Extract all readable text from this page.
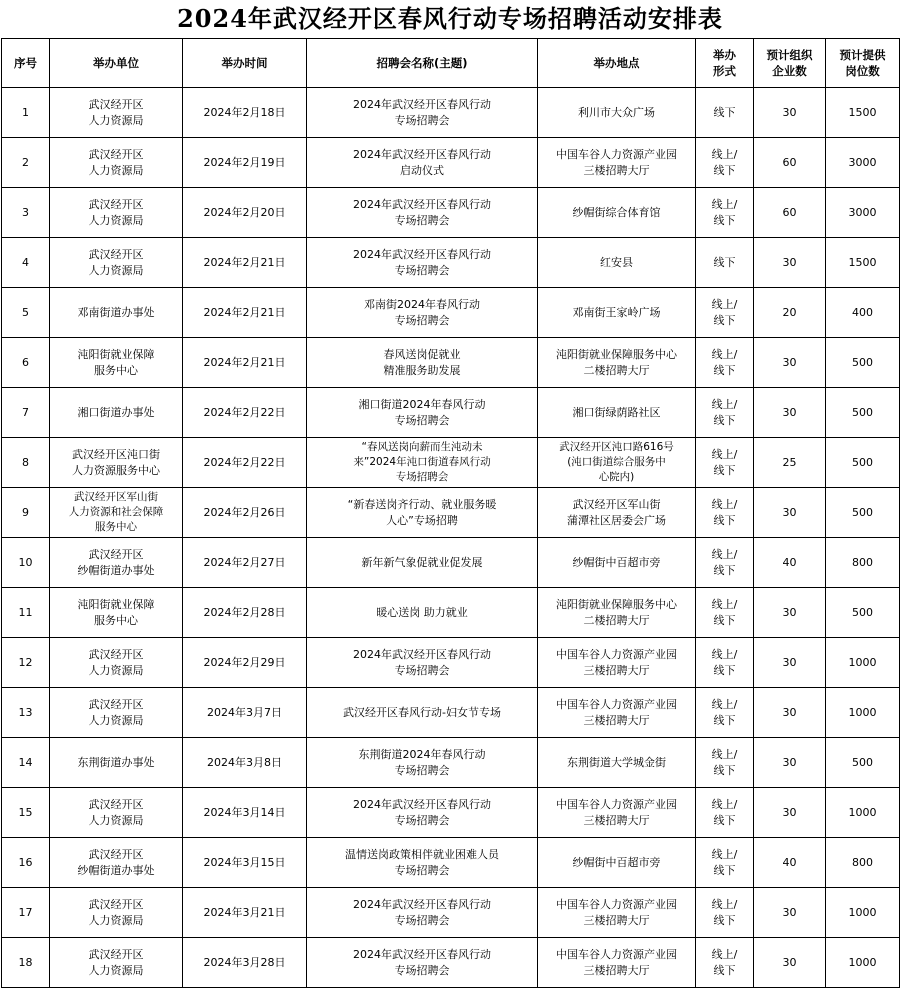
2024年武汉经开区春风行动专场招聘活动安排表
序号	举办单位	举办时间	招聘会名称(主题)	举办地点	举办
形式	预计组织
企业数	预计提供
岗位数
1	武汉经开区
人力资源局	2024年2月18日	2024年武汉经开区春风行动
专场招聘会	利川市大众广场	线下	30	1500
2	武汉经开区
人力资源局	2024年2月19日	2024年武汉经开区春风行动
启动仪式	中国车谷人力资源产业园
三楼招聘大厅	线上/
线下	60	3000
3	武汉经开区
人力资源局	2024年2月20日	2024年武汉经开区春风行动
专场招聘会	纱帽街综合体育馆	线上/
线下	60	3000
4	武汉经开区
人力资源局	2024年2月21日	2024年武汉经开区春风行动
专场招聘会	红安县	线下	30	1500
5	邓南街道办事处	2024年2月21日	邓南街2024年春风行动
专场招聘会	邓南街王家岭广场	线上/
线下	20	400
6	沌阳街就业保障
服务中心	2024年2月21日	春风送岗促就业
精准服务助发展	沌阳街就业保障服务中心
二楼招聘大厅	线上/
线下	30	500
7	湘口街道办事处	2024年2月22日	湘口街道2024年春风行动
专场招聘会	湘口街绿荫路社区	线上/
线下	30	500
8	武汉经开区沌口街
人力资源服务中心	2024年2月22日	“春风送岗向薪而生沌动未
来”2024年沌口街道春风行动
专场招聘会	武汉经开区沌口路616号
(沌口街道综合服务中
心院内)	线上/
线下	25	500
9	武汉经开区军山街
人力资源和社会保障
服务中心	2024年2月26日	“新春送岗齐行动、就业服务暖
人心”专场招聘	武汉经开区军山街
蒲潭社区居委会广场	线上/
线下	30	500
10	武汉经开区
纱帽街道办事处	2024年2月27日	新年新气象促就业促发展	纱帽街中百超市旁	线上/
线下	40	800
11	沌阳街就业保障
服务中心	2024年2月28日	暖心送岗 助力就业	沌阳街就业保障服务中心
二楼招聘大厅	线上/
线下	30	500
12	武汉经开区
人力资源局	2024年2月29日	2024年武汉经开区春风行动
专场招聘会	中国车谷人力资源产业园
三楼招聘大厅	线上/
线下	30	1000
13	武汉经开区
人力资源局	2024年3月7日	武汉经开区春风行动-妇女节专场	中国车谷人力资源产业园
三楼招聘大厅	线上/
线下	30	1000
14	东荆街道办事处	2024年3月8日	东荆街道2024年春风行动
专场招聘会	东荆街道大学城金街	线上/
线下	30	500
15	武汉经开区
人力资源局	2024年3月14日	2024年武汉经开区春风行动
专场招聘会	中国车谷人力资源产业园
三楼招聘大厅	线上/
线下	30	1000
16	武汉经开区
纱帽街道办事处	2024年3月15日	温情送岗政策相伴就业困难人员
专场招聘会	纱帽街中百超市旁	线上/
线下	40	800
17	武汉经开区
人力资源局	2024年3月21日	2024年武汉经开区春风行动
专场招聘会	中国车谷人力资源产业园
三楼招聘大厅	线上/
线下	30	1000
18	武汉经开区
人力资源局	2024年3月28日	2024年武汉经开区春风行动
专场招聘会	中国车谷人力资源产业园
三楼招聘大厅	线上/
线下	30	1000
